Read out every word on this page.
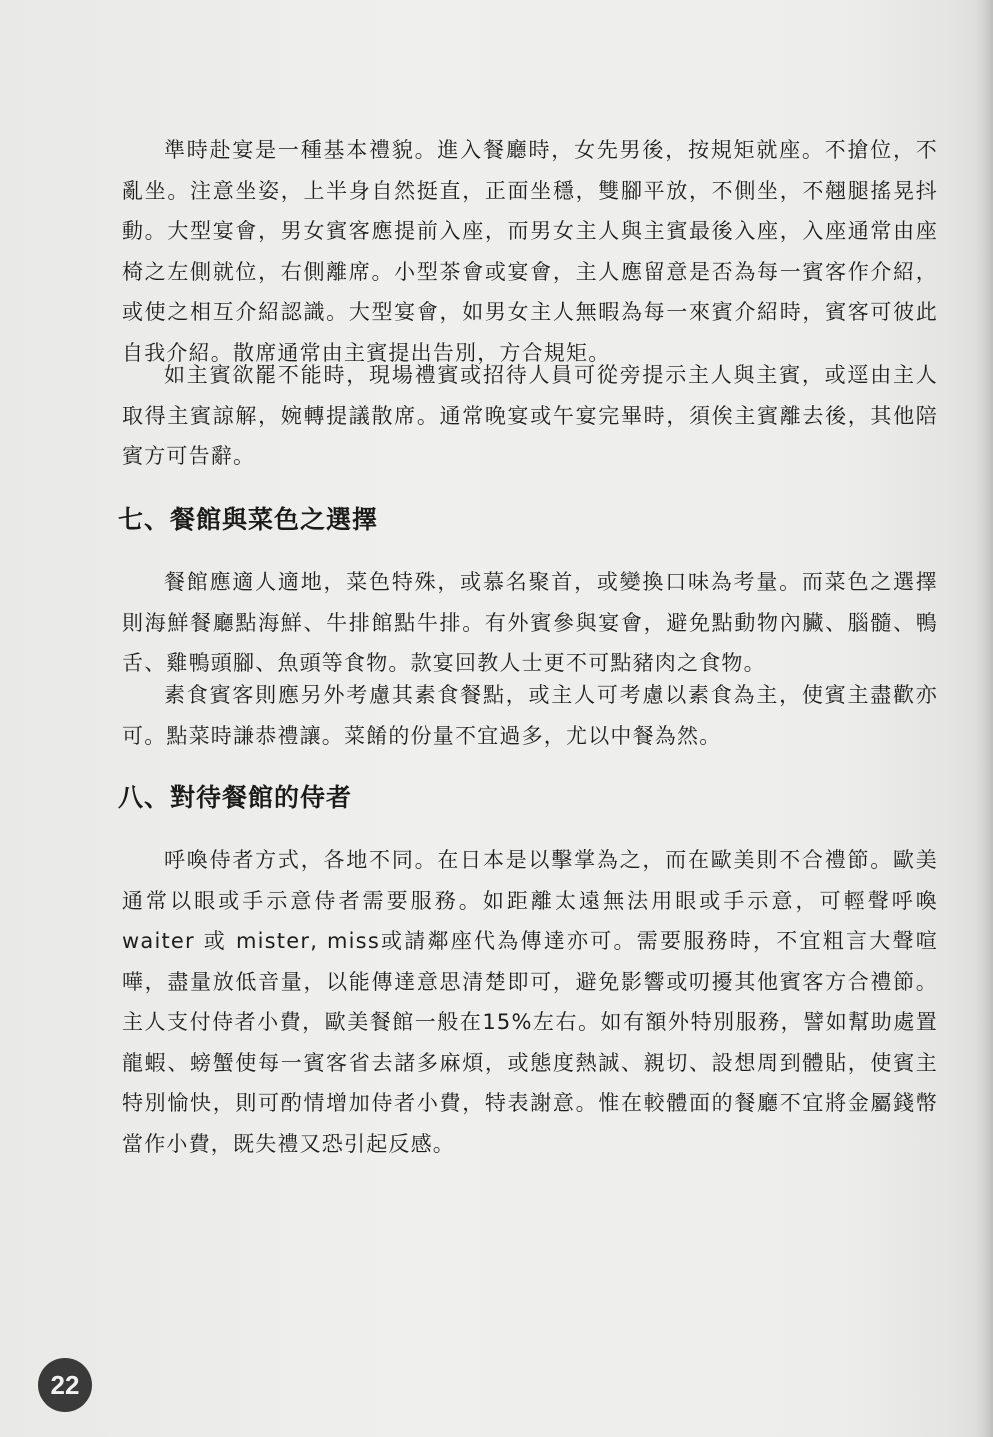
準時赴宴是一種基本禮貌。進入餐廳時，女先男後，按規矩就座。不搶位，不亂坐。注意坐姿，上半身自然挺直，正面坐穩，雙腳平放，不側坐，不翹腿搖晃抖動。大型宴會，男女賓客應提前入座，而男女主人與主賓最後入座，入座通常由座椅之左側就位，右側離席。小型茶會或宴會，主人應留意是否為每一賓客作介紹，或使之相互介紹認識。大型宴會，如男女主人無暇為每一來賓介紹時，賓客可彼此自我介紹。散席通常由主賓提出告別，方合規矩。

如主賓欲罷不能時，現場禮賓或招待人員可從旁提示主人與主賓，或逕由主人取得主賓諒解，婉轉提議散席。通常晚宴或午宴完畢時，須俟主賓離去後，其他陪賓方可告辭。

七、餐館與菜色之選擇

餐館應適人適地，菜色特殊，或慕名聚首，或變換口味為考量。而菜色之選擇則海鮮餐廳點海鮮、牛排館點牛排。有外賓參與宴會，避免點動物內臟、腦髓、鴨舌、雞鴨頭腳、魚頭等食物。款宴回教人士更不可點豬肉之食物。

素食賓客則應另外考慮其素食餐點，或主人可考慮以素食為主，使賓主盡歡亦可。點菜時謙恭禮讓。菜餚的份量不宜過多，尤以中餐為然。

八、對待餐館的侍者

呼喚侍者方式，各地不同。在日本是以擊掌為之，而在歐美則不合禮節。歐美通常以眼或手示意侍者需要服務。如距離太遠無法用眼或手示意，可輕聲呼喚 waiter 或 mister, miss或請鄰座代為傳達亦可。需要服務時，不宜粗言大聲喧嘩，盡量放低音量，以能傳達意思清楚即可，避免影響或叨擾其他賓客方合禮節。主人支付侍者小費，歐美餐館一般在15%左右。如有額外特別服務，譬如幫助處置龍蝦、螃蟹使每一賓客省去諸多麻煩，或態度熱誠、親切、設想周到體貼，使賓主特別愉快，則可酌情增加侍者小費，特表謝意。惟在較體面的餐廳不宜將金屬錢幣當作小費，既失禮又恐引起反感。

22
